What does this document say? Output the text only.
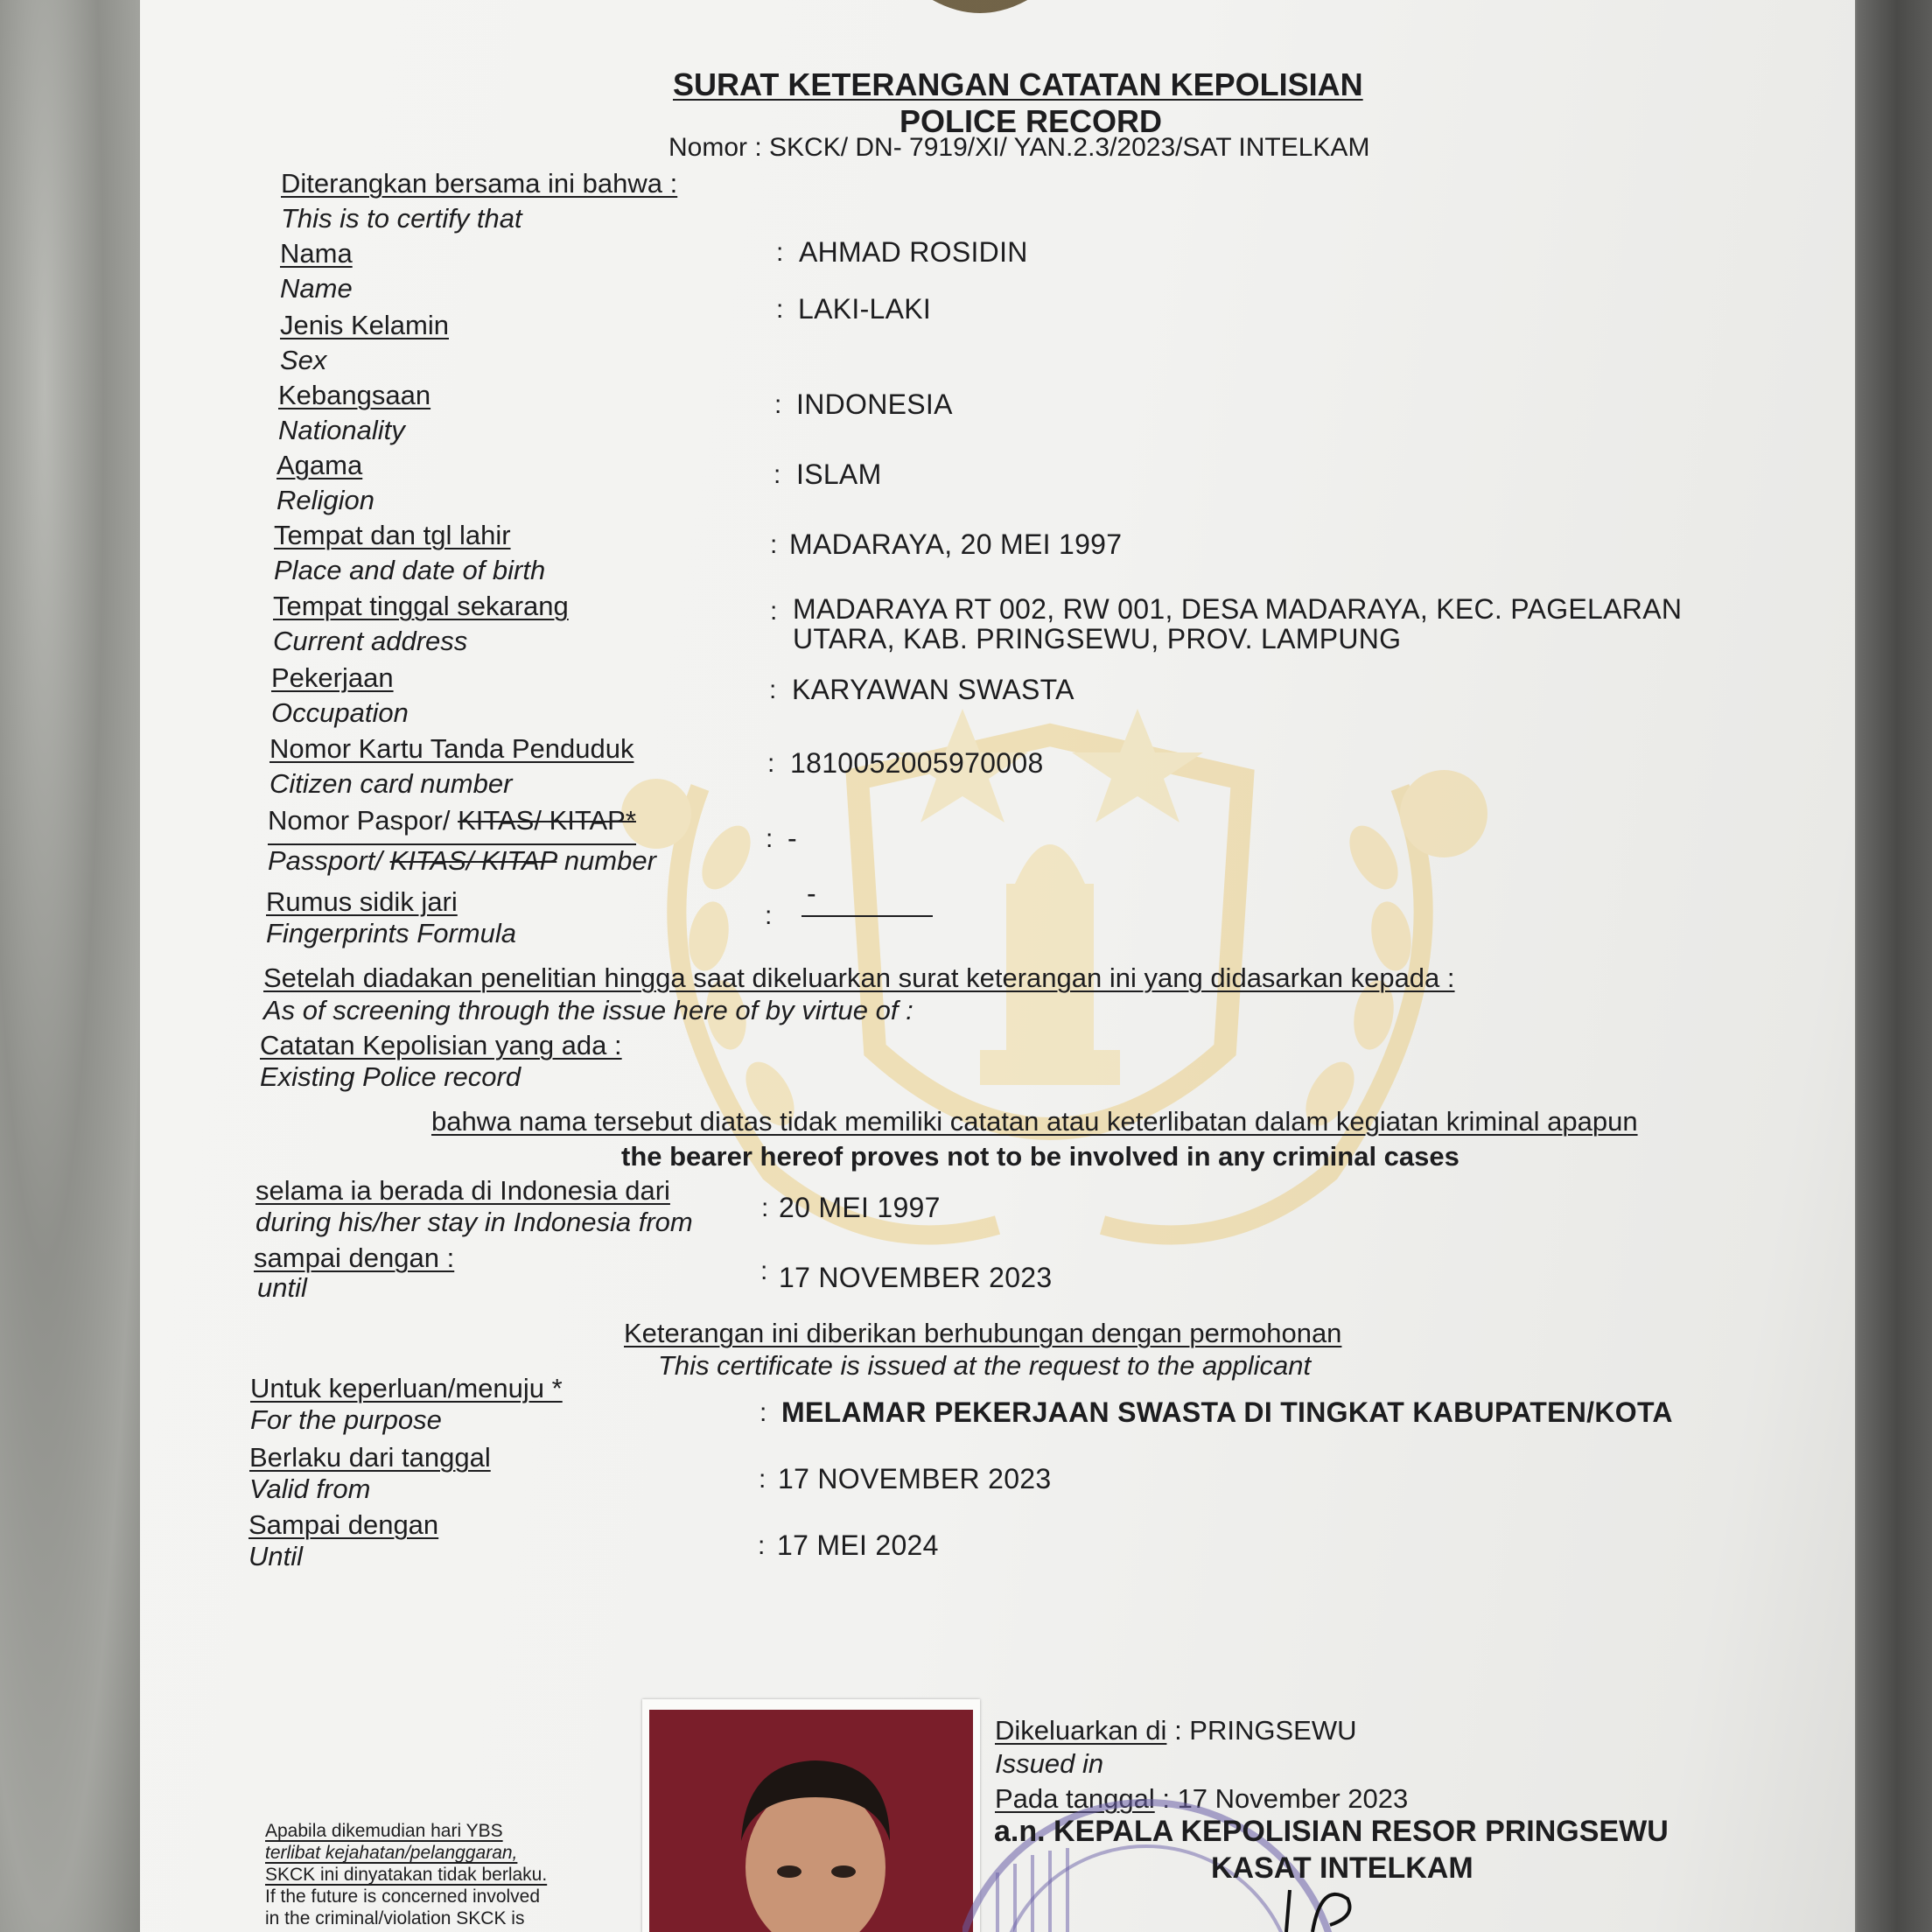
SURAT KETERANGAN CATATAN KEPOLISIAN
POLICE RECORD
Nomor : SKCK/ DN- 7919/XI/ YAN.2.3/2023/SAT INTELKAM
Diterangkan bersama ini bahwa :
This is to certify that
Nama
Name
: AHMAD ROSIDIN
Jenis Kelamin
Sex
: LAKI-LAKI
Kebangsaan
Nationality
: INDONESIA
Agama
Religion
: ISLAM
Tempat dan tgl lahir
Place and date of birth
: MADARAYA, 20 MEI 1997
Tempat tinggal sekarang
Current address
: MADARAYA RT 002, RW 001, DESA MADARAYA, KEC. PAGELARAN
UTARA, KAB. PRINGSEWU, PROV. LAMPUNG
Pekerjaan
Occupation
: KARYAWAN SWASTA
Nomor Kartu Tanda Penduduk
Citizen card number
: 1810052005970008
Nomor Paspor/ KITAS/ KITAP*
Passport/ KITAS/ KITAP number
: -
Rumus sidik jari
Fingerprints Formula
:
-
Setelah diadakan penelitian hingga saat dikeluarkan surat keterangan ini yang didasarkan kepada :
As of screening through the issue here of by virtue of :
Catatan Kepolisian yang ada :
Existing Police record
bahwa nama tersebut diatas tidak memiliki catatan atau keterlibatan dalam kegiatan kriminal apapun
the bearer hereof proves not to be involved in any criminal cases
selama ia berada di Indonesia dari
during his/her stay in Indonesia from	: 20 MEI 1997
sampai dengan :
until
: 17 NOVEMBER 2023
Keterangan ini diberikan berhubungan dengan permohonan
This certificate is issued at the request to the applicant
Untuk keperluan/menuju *
For the purpose	: MELAMAR PEKERJAAN SWASTA DI TINGKAT KABUPATEN/KOTA
Berlaku dari tanggal
Valid from	: 17 NOVEMBER 2023
Sampai dengan
Until	: 17 MEI 2024
Apabila dikemudian hari YBS
terlibat kejahatan/pelanggaran,
SKCK ini dinyatakan tidak berlaku.
If the future is concerned involved
in the criminal/violation SKCK is
Dikeluarkan di : PRINGSEWU
Issued in
Pada tanggal : 17 November 2023
a.n. KEPALA KEPOLISIAN RESOR PRINGSEWU
KASAT INTELKAM
